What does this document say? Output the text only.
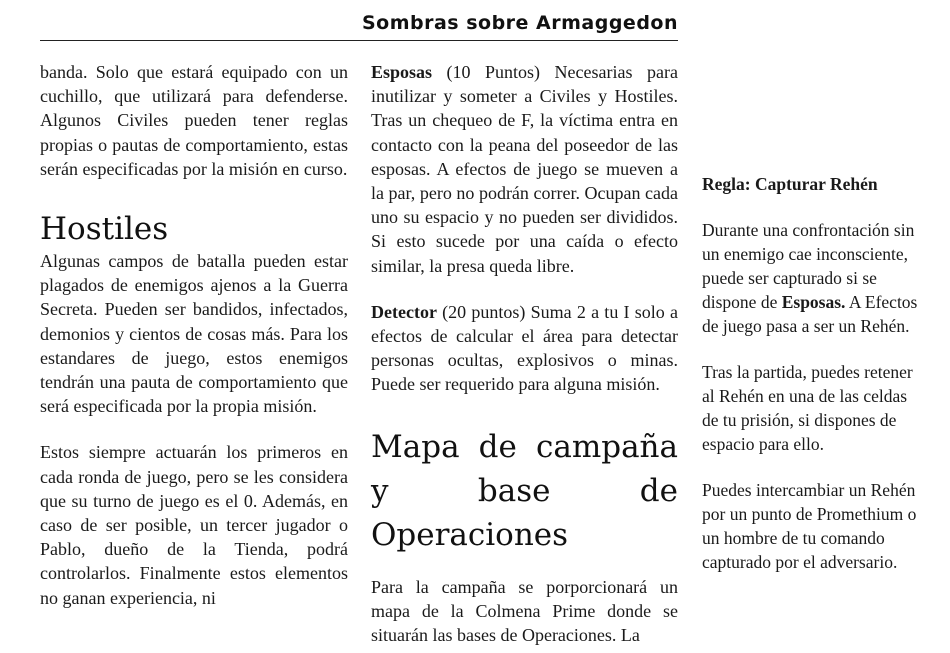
Sombras sobre Armaggedon

banda. Solo que estará equipado con un cuchillo, que utilizará para defenderse. Algunos Civiles pueden tener reglas propias o pautas de comportamiento, estas serán especificadas por la misión en curso.

Hostiles

Algunas campos de batalla pueden estar plagados de enemigos ajenos a la Guerra Secreta. Pueden ser bandidos, infectados, demonios y cientos de cosas más. Para los estandares de juego, estos enemigos tendrán una pauta de comportamiento que será especificada por la propia misión.

Estos siempre actuarán los primeros en cada ronda de juego, pero se les considera que su turno de juego es el 0. Además, en caso de ser posible, un tercer jugador o Pablo, dueño de la Tienda, podrá controlarlos. Finalmente estos elementos no ganan experiencia, ni

Esposas (10 Puntos) Necesarias para inutilizar y someter a Civiles y Hostiles. Tras un chequeo de F, la víctima entra en contacto con la peana del poseedor de las esposas. A efectos de juego se mueven a la par, pero no podrán correr. Ocupan cada uno su espacio y no pueden ser divididos. Si esto sucede por una caída o efecto similar, la presa queda libre.

Detector (20 puntos) Suma 2 a tu I solo a efectos de calcular el área para detectar personas ocultas, explosivos o minas. Puede ser requerido para alguna misión.

Mapa de campaña y base de Operaciones

Para la campaña se porporcionará un mapa de la Colmena Prime donde se situarán las bases de Operaciones. La

Regla: Capturar Rehén

Durante una confrontación sin un enemigo cae inconsciente, puede ser capturado si se dispone de Esposas. A Efectos de juego pasa a ser un Rehén.

Tras la partida, puedes retener al Rehén en una de las celdas de tu prisión, si dispones de espacio para ello.

Puedes intercambiar un Rehén por un punto de Promethium o un hombre de tu comando capturado por el adversario.
